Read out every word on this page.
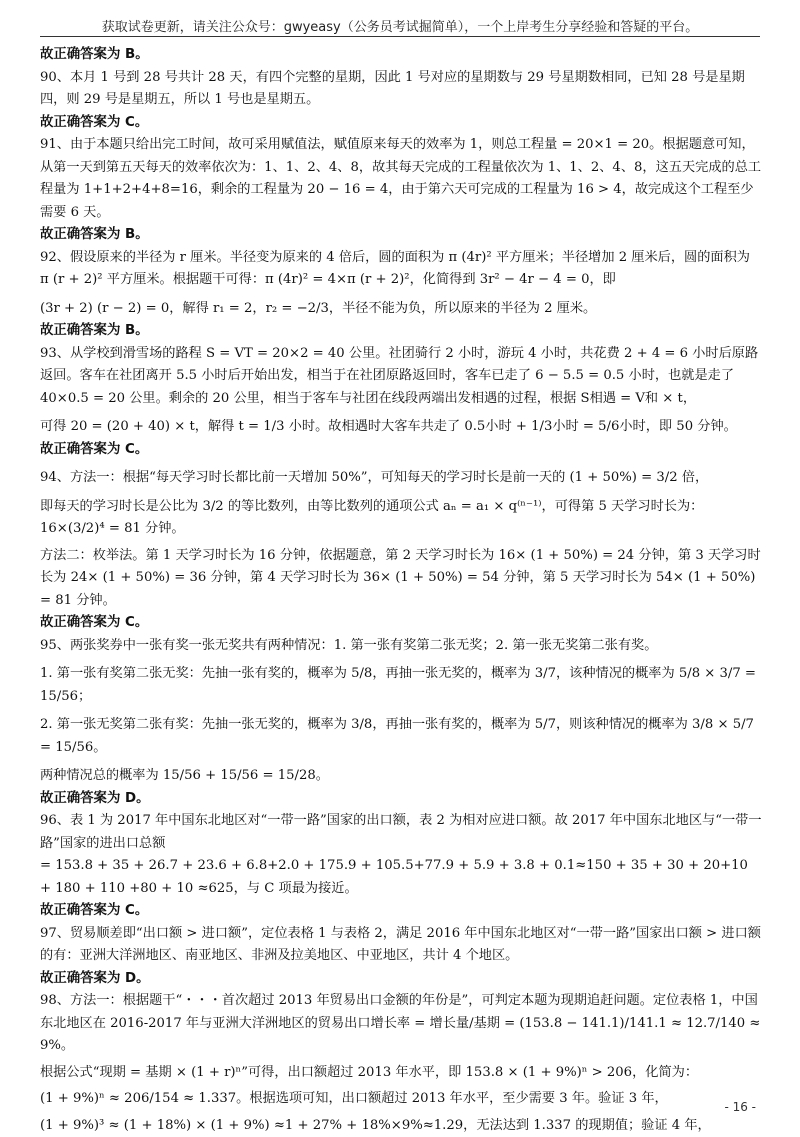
获取试卷更新，请关注公众号：gwyeasy（公务员考试掘简单），一个上岸考生分享经验和答疑的平台。

故正确答案为 B。

90、本月 1 号到 28 号共计 28 天，有四个完整的星期，因此 1 号对应的星期数与 29 号星期数相同，已知 28 号是星期四，则 29 号是星期五，所以 1 号也是星期五。

故正确答案为 C。

91、由于本题只给出完工时间，故可采用赋值法，赋值原来每天的效率为 1，则总工程量 = 20×1 = 20。根据题意可知，从第一天到第五天每天的效率依次为：1、1、2、4、8，故其每天完成的工程量依次为 1、1、2、4、8，这五天完成的总工程量为 1+1+2+4+8=16，剩余的工程量为 20 − 16 = 4，由于第六天可完成的工程量为 16 > 4，故完成这个工程至少需要 6 天。

故正确答案为 B。

92、假设原来的半径为 r 厘米。半径变为原来的 4 倍后，圆的面积为 π (4r)² 平方厘米；半径增加 2 厘米后，圆的面积为 π (r + 2)² 平方厘米。根据题干可得：π (4r)² = 4×π (r + 2)²，化简得到 3r² − 4r − 4 = 0，即

(3r + 2) (r − 2) = 0，解得 r₁ = 2，r₂ = −2/3，半径不能为负，所以原来的半径为 2 厘米。

故正确答案为 B。

93、从学校到滑雪场的路程 S = VT = 20×2 = 40 公里。社团骑行 2 小时，游玩 4 小时，共花费 2 + 4 = 6 小时后原路返回。客车在社团离开 5.5 小时后开始出发，相当于在社团原路返回时，客车已走了 6 − 5.5 = 0.5 小时，也就是走了 40×0.5 = 20 公里。剩余的 20 公里，相当于客车与社团在线段两端出发相遇的过程，根据 S相遇 = V和 × t，

可得 20 = (20 + 40) × t，解得 t = 1/3 小时。故相遇时大客车共走了 0.5小时 + 1/3小时 = 5/6小时，即 50 分钟。

故正确答案为 C。

94、方法一：根据“每天学习时长都比前一天增加 50%”，可知每天的学习时长是前一天的 (1 + 50%) = 3/2 倍，

即每天的学习时长是公比为 3/2 的等比数列，由等比数列的通项公式 aₙ = a₁ × q⁽ⁿ⁻¹⁾，可得第 5 天学习时长为：

16×(3/2)⁴ = 81 分钟。

方法二：枚举法。第 1 天学习时长为 16 分钟，依据题意，第 2 天学习时长为 16× (1 + 50%) = 24 分钟，第 3 天学习时长为 24× (1 + 50%) = 36 分钟，第 4 天学习时长为 36× (1 + 50%) = 54 分钟，第 5 天学习时长为 54× (1 + 50%) = 81 分钟。

故正确答案为 C。

95、两张奖券中一张有奖一张无奖共有两种情况：1. 第一张有奖第二张无奖；2. 第一张无奖第二张有奖。

1. 第一张有奖第二张无奖：先抽一张有奖的，概率为 5/8，再抽一张无奖的，概率为 3/7，该种情况的概率为 5/8 × 3/7 = 15/56；

2. 第一张无奖第二张有奖：先抽一张无奖的，概率为 3/8，再抽一张有奖的，概率为 5/7，则该种情况的概率为 3/8 × 5/7 = 15/56。

两种情况总的概率为 15/56 + 15/56 = 15/28。

故正确答案为 D。

96、表 1 为 2017 年中国东北地区对“一带一路”国家的出口额，表 2 为相对应进口额。故 2017 年中国东北地区与“一带一路”国家的进出口总额

= 153.8 + 35 + 26.7 + 23.6 + 6.8+2.0 + 175.9 + 105.5+77.9 + 5.9 + 3.8 + 0.1≈150 + 35 + 30 + 20+10 + 180 + 110 +80 + 10 ≈625，与 C 项最为接近。

故正确答案为 C。

97、贸易顺差即“出口额 > 进口额”，定位表格 1 与表格 2，满足 2016 年中国东北地区对“一带一路”国家出口额 > 进口额的有：亚洲大洋洲地区、南亚地区、非洲及拉美地区、中亚地区，共计 4 个地区。

故正确答案为 D。

98、方法一：根据题干“・・・首次超过 2013 年贸易出口金额的年份是”，可判定本题为现期追赶问题。定位表格 1，中国东北地区在 2016-2017 年与亚洲大洋洲地区的贸易出口增长率 = 增长量/基期 = (153.8 − 141.1)/141.1 ≈ 12.7/140 ≈ 9%。

根据公式“现期 = 基期 × (1 + r)ⁿ”可得，出口额超过 2013 年水平，即 153.8 × (1 + 9%)ⁿ > 206，化简为：

(1 + 9%)ⁿ ≈ 206/154 ≈ 1.337。根据选项可知，出口额超过 2013 年水平，至少需要 3 年。验证 3 年，

(1 + 9%)³ ≈ (1 + 18%) × (1 + 9%) ≈1 + 27% + 18%×9%≈1.29，无法达到 1.337 的现期值；验证 4 年，

- 16 -
